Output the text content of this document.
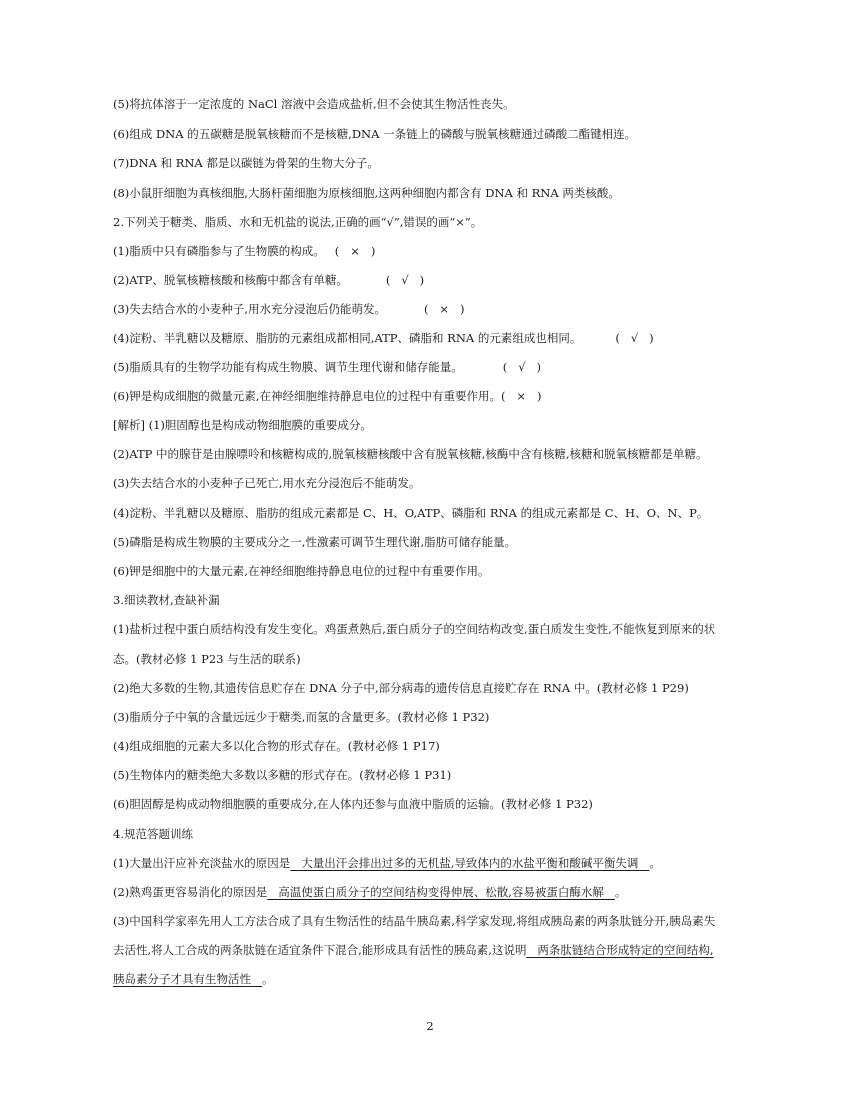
(5)将抗体溶于一定浓度的 NaCl 溶液中会造成盐析,但不会使其生物活性丧失。
(6)组成 DNA 的五碳糖是脱氧核糖而不是核糖,DNA 一条链上的磷酸与脱氧核糖通过磷酸二酯键相连。
(7)DNA 和 RNA 都是以碳链为骨架的生物大分子。
(8)小鼠肝细胞为真核细胞,大肠杆菌细胞为原核细胞,这两种细胞内都含有 DNA 和 RNA 两类核酸。
2.下列关于糖类、脂质、水和无机盐的说法,正确的画“√”,错误的画“×”。
(1)脂质中只有磷脂参与了生物膜的构成。 (   ×   )
(2)ATP、脱氧核糖核酸和核酶中都含有单糖。	(   √   )
(3)失去结合水的小麦种子,用水充分浸泡后仍能萌发。	(   ×   )
(4)淀粉、半乳糖以及糖原、脂肪的元素组成都相同,ATP、磷脂和 RNA 的元素组成也相同。	(   √   )
(5)脂质具有的生物学功能有构成生物膜、调节生理代谢和储存能量。	(   √   )
(6)钾是构成细胞的微量元素,在神经细胞维持静息电位的过程中有重要作用。(   ×   )
[解析] (1)胆固醇也是构成动物细胞膜的重要成分。
(2)ATP 中的腺苷是由腺嘌呤和核糖构成的,脱氧核糖核酸中含有脱氧核糖,核酶中含有核糖,核糖和脱氧核糖都是单糖。
(3)失去结合水的小麦种子已死亡,用水充分浸泡后不能萌发。
(4)淀粉、半乳糖以及糖原、脂肪的组成元素都是 C、H、O,ATP、磷脂和 RNA 的组成元素都是 C、H、O、N、P。
(5)磷脂是构成生物膜的主要成分之一,性激素可调节生理代谢,脂肪可储存能量。
(6)钾是细胞中的大量元素,在神经细胞维持静息电位的过程中有重要作用。
3.细读教材,查缺补漏
(1)盐析过程中蛋白质结构没有发生变化。鸡蛋煮熟后,蛋白质分子的空间结构改变,蛋白质发生变性,不能恢复到原来的状
态。(教材必修 1 P23 与生活的联系)
(2)绝大多数的生物,其遗传信息贮存在 DNA 分子中,部分病毒的遗传信息直接贮存在 RNA 中。(教材必修 1 P29)
(3)脂质分子中氧的含量远远少于糖类,而氢的含量更多。(教材必修 1 P32)
(4)组成细胞的元素大多以化合物的形式存在。(教材必修 1 P17)
(5)生物体内的糖类绝大多数以多糖的形式存在。(教材必修 1 P31)
(6)胆固醇是构成动物细胞膜的重要成分,在人体内还参与血液中脂质的运输。(教材必修 1 P32)
4.规范答题训练
(1)大量出汗应补充淡盐水的原因是   大量出汗会排出过多的无机盐,导致体内的水盐平衡和酸碱平衡失调   。
(2)熟鸡蛋更容易消化的原因是   高温使蛋白质分子的空间结构变得伸展、松散,容易被蛋白酶水解   。
(3)中国科学家率先用人工方法合成了具有生物活性的结晶牛胰岛素,科学家发现,将组成胰岛素的两条肽链分开,胰岛素失
去活性,将人工合成的两条肽链在适宜条件下混合,能形成具有活性的胰岛素,这说明   两条肽链结合形成特定的空间结构,
胰岛素分子才具有生物活性   。
2
